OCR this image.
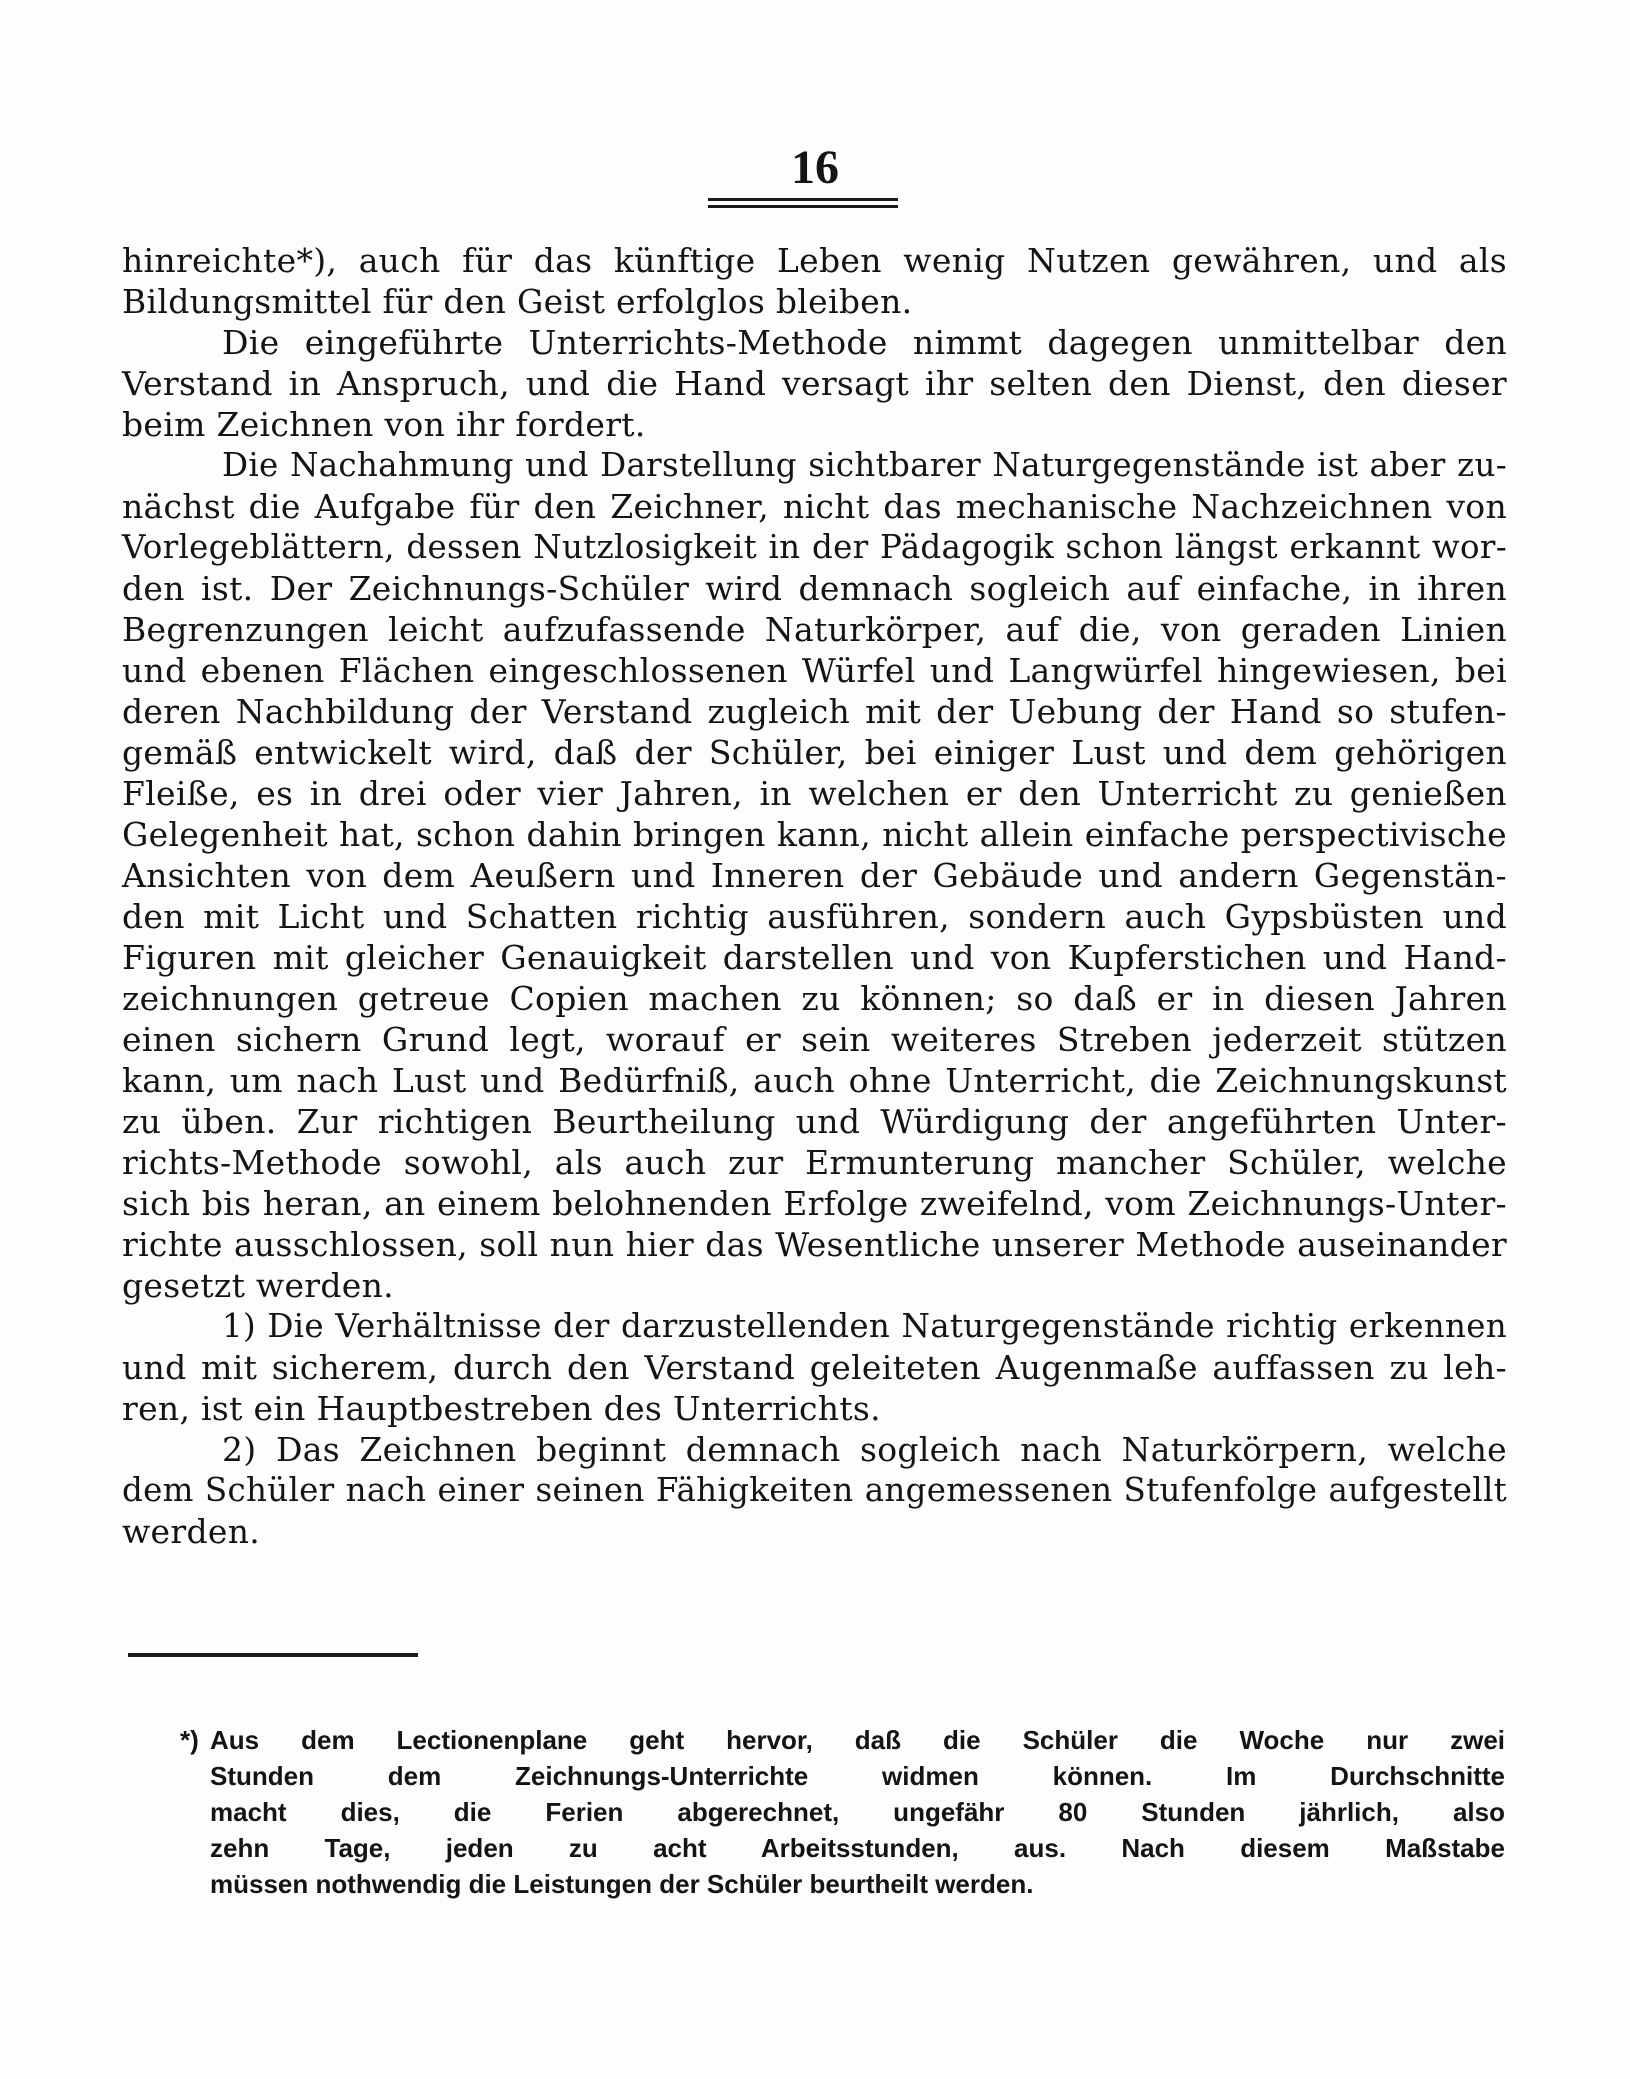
16
hinreichte*), auch für das künftige Leben wenig Nutzen gewähren, und als
Bildungsmittel für den Geist erfolglos bleiben.
Die eingeführte Unterrichts-Methode nimmt dagegen unmittelbar den
Verstand in Anspruch, und die Hand versagt ihr selten den Dienst, den dieser
beim Zeichnen von ihr fordert.
Die Nachahmung und Darstellung sichtbarer Naturgegenstände ist aber zu-
nächst die Aufgabe für den Zeichner, nicht das mechanische Nachzeichnen von
Vorlegeblättern, dessen Nutzlosigkeit in der Pädagogik schon längst erkannt wor-
den ist. Der Zeichnungs-Schüler wird demnach sogleich auf einfache, in ihren
Begrenzungen leicht aufzufassende Naturkörper, auf die, von geraden Linien
und ebenen Flächen eingeschlossenen Würfel und Langwürfel hingewiesen, bei
deren Nachbildung der Verstand zugleich mit der Uebung der Hand so stufen-
gemäß entwickelt wird, daß der Schüler, bei einiger Lust und dem gehörigen
Fleiße, es in drei oder vier Jahren, in welchen er den Unterricht zu genießen
Gelegenheit hat, schon dahin bringen kann, nicht allein einfache perspectivische
Ansichten von dem Aeußern und Inneren der Gebäude und andern Gegenstän-
den mit Licht und Schatten richtig ausführen, sondern auch Gypsbüsten und
Figuren mit gleicher Genauigkeit darstellen und von Kupferstichen und Hand-
zeichnungen getreue Copien machen zu können; so daß er in diesen Jahren
einen sichern Grund legt, worauf er sein weiteres Streben jederzeit stützen
kann, um nach Lust und Bedürfniß, auch ohne Unterricht, die Zeichnungskunst
zu üben. Zur richtigen Beurtheilung und Würdigung der angeführten Unter-
richts-Methode sowohl, als auch zur Ermunterung mancher Schüler, welche
sich bis heran, an einem belohnenden Erfolge zweifelnd, vom Zeichnungs-Unter-
richte ausschlossen, soll nun hier das Wesentliche unserer Methode auseinander
gesetzt werden.
1) Die Verhältnisse der darzustellenden Naturgegenstände richtig erkennen
und mit sicherem, durch den Verstand geleiteten Augenmaße auffassen zu leh-
ren, ist ein Hauptbestreben des Unterrichts.
2) Das Zeichnen beginnt demnach sogleich nach Naturkörpern, welche
dem Schüler nach einer seinen Fähigkeiten angemessenen Stufenfolge aufgestellt
werden.
*) Aus dem Lectionenplane geht hervor, daß die Schüler die Woche nur zwei
Stunden dem Zeichnungs-Unterrichte widmen können. Im Durchschnitte
macht dies, die Ferien abgerechnet, ungefähr 80 Stunden jährlich, also
zehn Tage, jeden zu acht Arbeitsstunden, aus. Nach diesem Maßstabe
müssen nothwendig die Leistungen der Schüler beurtheilt werden.
